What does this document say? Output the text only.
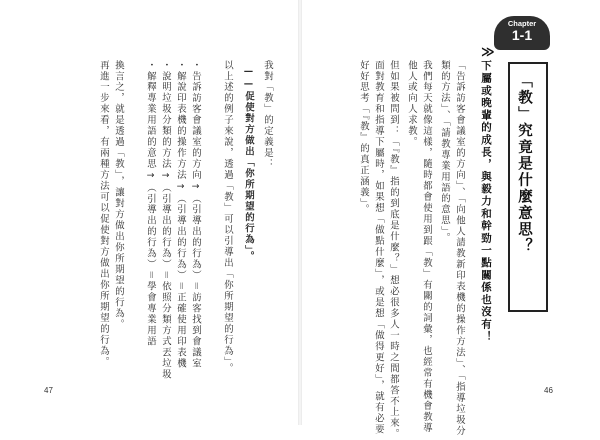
我對「教」的定義是：
——促使對方做出「你所期望的行為」。
以上述的例子來說，透過「教」可以引導出「你所期望的行為」。
・告訴訪客會議室的方向→（引導出的行為）＝訪客找到會議室
・解說印表機的操作方法→（引導出的行為）＝正確使用印表機
・說明垃圾分類的方法→（引導出的行為）＝依照分類方式丟垃圾
・解釋專業用語的意思→（引導出的行為）＝學會專業用語
換言之，就是透過「教」，讓對方做出你所期望的行為。
再進一步來看，有兩種方法可以促使對方做出你所期望的行為。
47	46
Chapter
1-1
「教」究竟是什麼意思？
≫
下屬或晚輩的成長，與毅力和幹勁一點關係也沒有！
「告訴訪客會議室的方向」、「向他人請教新印表機的操作方法」、「指導垃圾分
類的方法」、「請教專業用語的意思」。
我們每天就像這樣，隨時都會使用到跟「教」有關的詞彙，也經常有機會教導
他人或向人求教。
但如果被問到：「『教』指的到底是什麼？」想必很多人一時之間都答不上來。
面對教育和指導下屬時，如果想「做點什麼」，或是想「做得更好」，就有必要
好好思考「『教』的真正涵義」。
